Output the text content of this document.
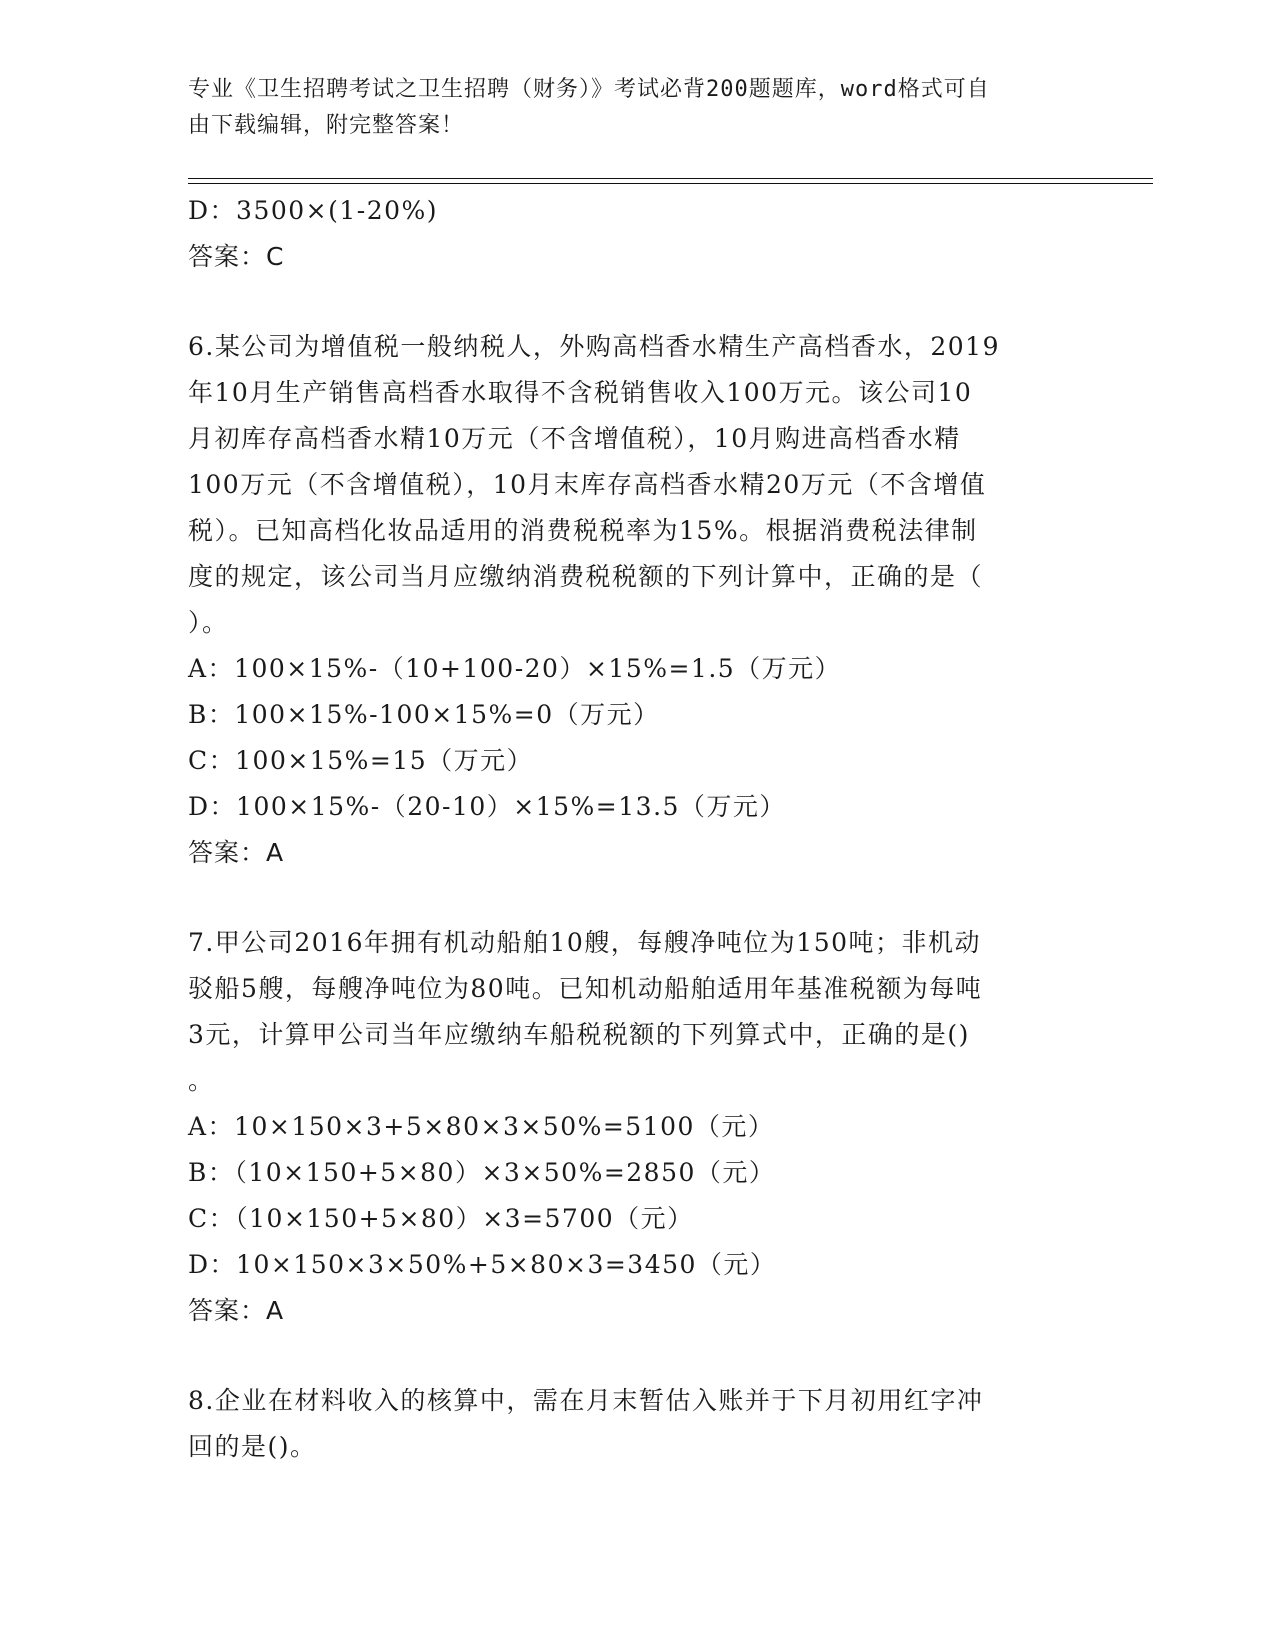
专业《卫生招聘考试之卫生招聘（财务）》考试必背200题题库，word格式可自
由下载编辑，附完整答案！
D：3500×(1-20%)
答案：C
6.某公司为增值税一般纳税人，外购高档香水精生产高档香水，2019
年10月生产销售高档香水取得不含税销售收入100万元。该公司10
月初库存高档香水精10万元（不含增值税），10月购进高档香水精
100万元（不含增值税），10月末库存高档香水精20万元（不含增值
税）。已知高档化妆品适用的消费税税率为15%。根据消费税法律制
度的规定，该公司当月应缴纳消费税税额的下列计算中，正确的是（
）。
A：100×15%-（10+100-20）×15%=1.5（万元）
B：100×15%-100×15%=0（万元）
C：100×15%=15（万元）
D：100×15%-（20-10）×15%=13.5（万元）
答案：A
7.甲公司2016年拥有机动船舶10艘，每艘净吨位为150吨；非机动
驳船5艘，每艘净吨位为80吨。已知机动船舶适用年基准税额为每吨
3元，计算甲公司当年应缴纳车船税税额的下列算式中，正确的是()
。
A：10×150×3+5×80×3×50%=5100（元）
B：（10×150+5×80）×3×50%=2850（元）
C：（10×150+5×80）×3=5700（元）
D：10×150×3×50%+5×80×3=3450（元）
答案：A
8.企业在材料收入的核算中，需在月末暂估入账并于下月初用红字冲
回的是()。
